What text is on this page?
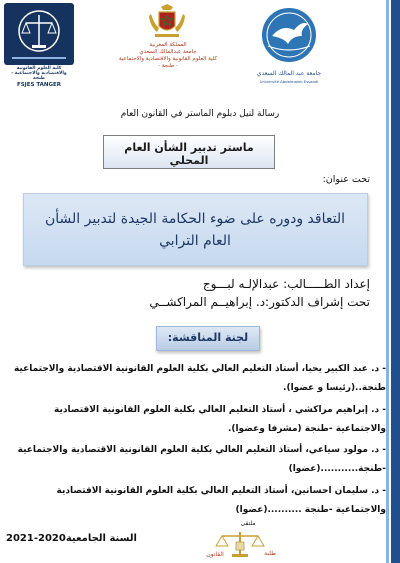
كلية العلوم القانونية والاقتصادية والاجتماعية - طنجة
FSJES TANGER
المملكة المغربية
جامعة عبدالمالك السعدي
كلية العلوم القانونية والاقتصادية والاجتماعية
- طنجة -
جامعة عبد المالك السعدي
Université Abdelmalek Essaadi
رسالة لنيل دبلوم الماستر في القانون العام
ماستر تدبير الشأن العام المحلي
تحت عنوان:
التعاقد ودوره على ضوء الحكامة الجيدة لتدبير الشأن العام الترابي
إعداد الطـــــالب: عبدالإلـه لبـــوج
تحت إشراف الدكتور:د. إبراهيــم المراكشــي
لجنة المناقشة:
- د. عبد الكبير يحيا، أستاذ التعليم العالي بكلية العلوم القانونية الاقتصادية والاجتماعية طنجة..(رئيسا و عضوا).
- د. إبراهيم مراكشي ، أستاذ التعليم العالي بكلية العلوم القانونية الاقتصادية والاجتماعية -طنجة (مشرفا وعضوا).
- د. مولود سياعي، أستاذ التعليم العالي بكلية العلوم القانونية الاقتصادية والاجتماعية -طنجة...........(عضوا)
- د. سليمان احسانين، أستاذ التعليم العالي بكلية العلوم القانونية الاقتصادية والاجتماعية -طنجة ..........(عضوا)
السنة الجامعية2020-2021
ملتقى
القانون	طلبة
